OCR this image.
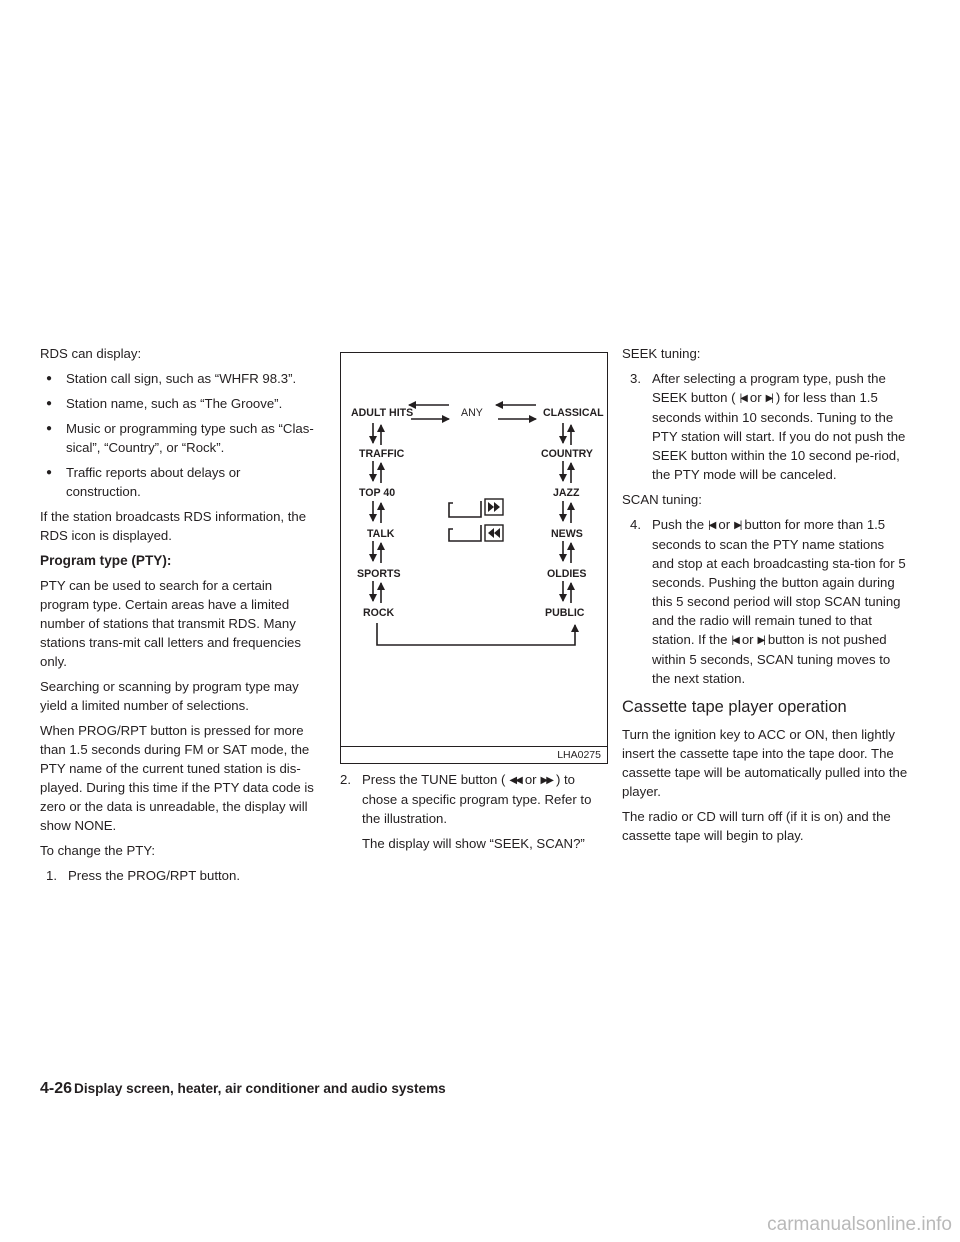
RDS can display:

● Station call sign, such as “WHFR 98.3”.

● Station name, such as “The Groove”.

● Music or programming type such as “Clas-sical”, “Country”, or “Rock”.

● Traffic reports about delays or construction.

If the station broadcasts RDS information, the RDS icon is displayed.

Program type (PTY):

PTY can be used to search for a certain program type. Certain areas have a limited number of stations that transmit RDS. Many stations trans-mit call letters and frequencies only.

Searching or scanning by program type may yield a limited number of selections.

When PROG/RPT button is pressed for more than 1.5 seconds during FM or SAT mode, the PTY name of the current tuned station is dis-played. During this time if the PTY data code is zero or the data is unreadable, the display will show NONE.

To change the PTY:

1. Press the PROG/RPT button.

ADULT HITS	ANY	CLASSICAL
TRAFFIC	COUNTRY
TOP 40	JAZZ
TALK	NEWS
SPORTS	OLDIES
ROCK	PUBLIC
LHA0275

2. Press the TUNE button ( ◀◀ or ▶▶ ) to chose a specific program type. Refer to the illustration.

The display will show “SEEK, SCAN?”

SEEK tuning:

3. After selecting a program type, push the SEEK button ( |◀ or ▶| ) for less than 1.5 seconds within 10 seconds. Tuning to the PTY station will start. If you do not push the SEEK button within the 10 second pe-riod, the PTY mode will be canceled.

SCAN tuning:

4. Push the |◀ or ▶| button for more than 1.5 seconds to scan the PTY name stations and stop at each broadcasting sta-tion for 5 seconds. Pushing the button again during this 5 second period will stop SCAN tuning and the radio will remain tuned to that station. If the |◀ or ▶| button is not pushed within 5 seconds, SCAN tuning moves to the next station.

Cassette tape player operation

Turn the ignition key to ACC or ON, then lightly insert the cassette tape into the tape door. The cassette tape will be automatically pulled into the player.

The radio or CD will turn off (if it is on) and the cassette tape will begin to play.

4-26 Display screen, heater, air conditioner and audio systems
carmanualsonline.info
